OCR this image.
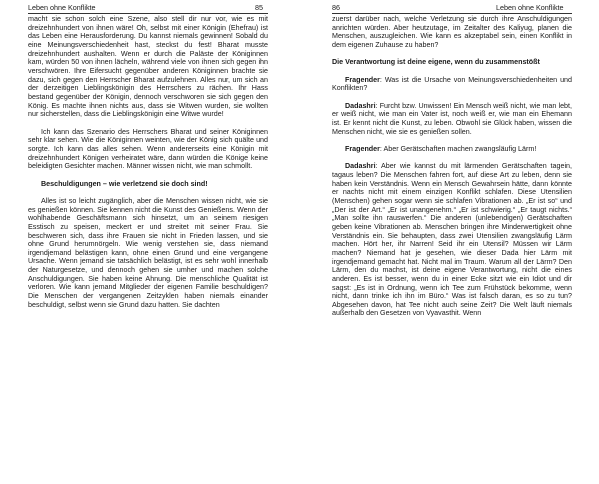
Leben ohne Konflikte	85

macht sie schon solch eine Szene, also stell dir nur vor, wie es mit dreizehnhundert von ihnen wäre! Oh, selbst mit einer Königin (Ehefrau) ist das Leben eine Herausforderung. Du kannst niemals gewinnen! Sobald du eine Meinungsverschiedenheit hast, steckst du fest! Bharat musste dreizehnhundert aushalten. Wenn er durch die Paläste der Königinnen kam, würden 50 von ihnen lächeln, während viele von ihnen sich gegen ihn verschwören. Ihre Eifersucht gegenüber anderen Königinnen brachte sie dazu, sich gegen den Herrscher Bharat aufzulehnen. Alles nur, um sich an der derzeitigen Lieblingskönigin des Herrschers zu rächen. Ihr Hass bestand gegenüber der Königin, dennoch verschworen sie sich gegen den König. Es machte ihnen nichts aus, dass sie Witwen wurden, sie wollten nur sicherstellen, dass die Lieblingskönigin eine Witwe wurde!

Ich kann das Szenario des Herrschers Bharat und seiner Königinnen sehr klar sehen. Wie die Königinnen weinten, wie der König sich quälte und sorgte. Ich kann das alles sehen. Wenn andererseits eine Königin mit dreizehnhundert Königen verheiratet wäre, dann würden die Könige keine beleidigten Gesichter machen. Männer wissen nicht, wie man schmollt.

Beschuldigungen – wie verletzend sie doch sind!

Alles ist so leicht zugänglich, aber die Menschen wissen nicht, wie sie es genießen können. Sie kennen nicht die Kunst des Genießens. Wenn der wohlhabende Geschäftsmann sich hinsetzt, um an seinem riesigen Esstisch zu speisen, meckert er und streitet mit seiner Frau. Sie beschweren sich, dass ihre Frauen sie nicht in Frieden lassen, und sie ohne Grund herumnörgeln. Wie wenig verstehen sie, dass niemand irgendjemand belästigen kann, ohne einen Grund und eine vergangene Ursache. Wenn jemand sie tatsächlich belästigt, ist es sehr wohl innerhalb der Naturgesetze, und dennoch gehen sie umher und machen solche Anschuldigungen. Sie haben keine Ahnung. Die menschliche Qualität ist verloren. Wie kann jemand Mitglieder der eigenen Familie beschuldigen? Die Menschen der vergangenen Zeitzyklen haben niemals einander beschuldigt, selbst wenn sie Grund dazu hatten. Sie dachten

86	Leben ohne Konflikte

zuerst darüber nach, welche Verletzung sie durch ihre Anschuldigungen anrichten würden. Aber heutzutage, im Zeitalter des Kaliyug, planen die Menschen, auszugleichen. Wie kann es akzeptabel sein, einen Konflikt in dem eigenen Zuhause zu haben?

Die Verantwortung ist deine eigene, wenn du zusammenstößt

Fragender: Was ist die Ursache von Meinungsverschiedenheiten und Konflikten?

Dadashri: Furcht bzw. Unwissen! Ein Mensch weiß nicht, wie man lebt, er weiß nicht, wie man ein Vater ist, noch weiß er, wie man ein Ehemann ist. Er kennt nicht die Kunst, zu leben. Obwohl sie Glück haben, wissen die Menschen nicht, wie sie es genießen sollen.

Fragender: Aber Gerätschaften machen zwangsläufig Lärm!

Dadashri: Aber wie kannst du mit lärmenden Gerätschaften tagein, tagaus leben? Die Menschen fahren fort, auf diese Art zu leben, denn sie haben kein Verständnis. Wenn ein Mensch Gewahrsein hätte, dann könnte er nachts nicht mit einem einzigen Konflikt schlafen. Diese Utensilien (Menschen) gehen sogar wenn sie schlafen Vibrationen ab. „Er ist so“ und „Der ist der Art.“ „Er ist unangenehm.“ „Er ist schwierig.“ „Er taugt nichts.“ „Man sollte ihn rauswerfen.“ Die anderen (unlebendigen) Gerätschaften geben keine Vibrationen ab. Menschen bringen ihre Minderwertigkeit ohne Verständnis ein. Sie behaupten, dass zwei Utensilien zwangsläufig Lärm machen. Hört her, ihr Narren! Seid ihr ein Utensil? Müssen wir Lärm machen? Niemand hat je gesehen, wie dieser Dada hier Lärm mit irgendjemand gemacht hat. Nicht mal im Traum. Warum all der Lärm? Den Lärm, den du machst, ist deine eigene Verantwortung, nicht die eines anderen. Es ist besser, wenn du in einer Ecke sitzt wie ein Idiot und dir sagst: „Es ist in Ordnung, wenn ich Tee zum Frühstück bekomme, wenn nicht, dann trinke ich ihn im Büro.“ Was ist falsch daran, es so zu tun? Abgesehen davon, hat Tee nicht auch seine Zeit? Die Welt läuft niemals außerhalb den Gesetzen von Vyavasthit. Wenn
